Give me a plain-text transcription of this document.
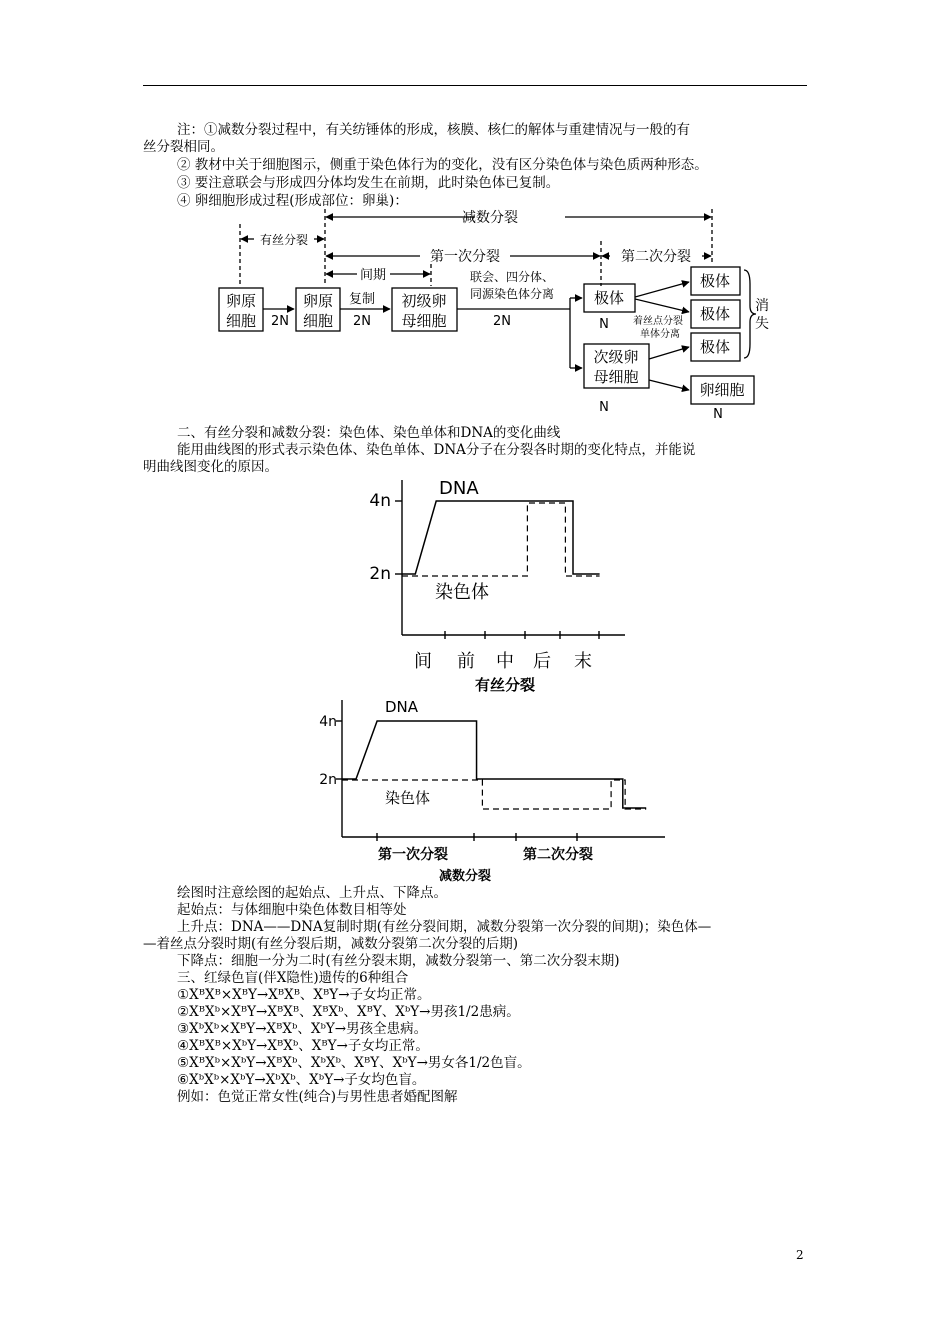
注：①减数分裂过程中，有关纺锤体的形成，核膜、核仁的解体与重建情况与一般的有
丝分裂相同。
② 教材中关于细胞图示，侧重于染色体行为的变化，没有区分染色体与染色质两种形态。
③ 要注意联会与形成四分体均发生在前期，此时染色体已复制。
④ 卵细胞形成过程(形成部位：卵巢)：
减数分裂
有丝分裂
第一次分裂	第二次分裂
间期
卵原
细胞
卵原
细胞
2N
复制
2N
初级卵
母细胞
联会、四分体、
同源染色体分离
2N
极体
N
次级卵
母细胞
N
着丝点分裂
单体分离
极体
极体
极体
卵细胞
N
消
失
二、有丝分裂和减数分裂：染色体、染色单体和DNA的变化曲线
能用曲线图的形式表示染色体、染色单体、DNA分子在分裂各时期的变化特点，并能说
明曲线图变化的原因。
4n
2n
DNA
染色体
间 前 中 后 末
有丝分裂
4n
2n
DNA
染色体
第一次分裂	第二次分裂
减数分裂
绘图时注意绘图的起始点、上升点、下降点。
起始点：与体细胞中染色体数目相等处
上升点：DNA——DNA复制时期(有丝分裂间期，减数分裂第一次分裂的间期)；染色体—
—着丝点分裂时期(有丝分裂后期，减数分裂第二次分裂的后期)
下降点：细胞一分为二时(有丝分裂末期，减数分裂第一、第二次分裂末期)
三、红绿色盲(伴X隐性)遗传的6种组合
①XᴮXᴮ×XᴮY→XᴮXᴮ、XᴮY→子女均正常。
②XᴮXᵇ×XᴮY→XᴮXᴮ、XᴮXᵇ、XᴮY、XᵇY→男孩1/2患病。
③XᵇXᵇ×XᴮY→XᴮXᵇ、XᵇY→男孩全患病。
④XᴮXᴮ×XᵇY→XᴮXᵇ、XᴮY→子女均正常。
⑤XᴮXᵇ×XᵇY→XᴮXᵇ、XᵇXᵇ、XᴮY、XᵇY→男女各1/2色盲。
⑥XᵇXᵇ×XᵇY→XᵇXᵇ、XᵇY→子女均色盲。
例如：色觉正常女性(纯合)与男性患者婚配图解
2
